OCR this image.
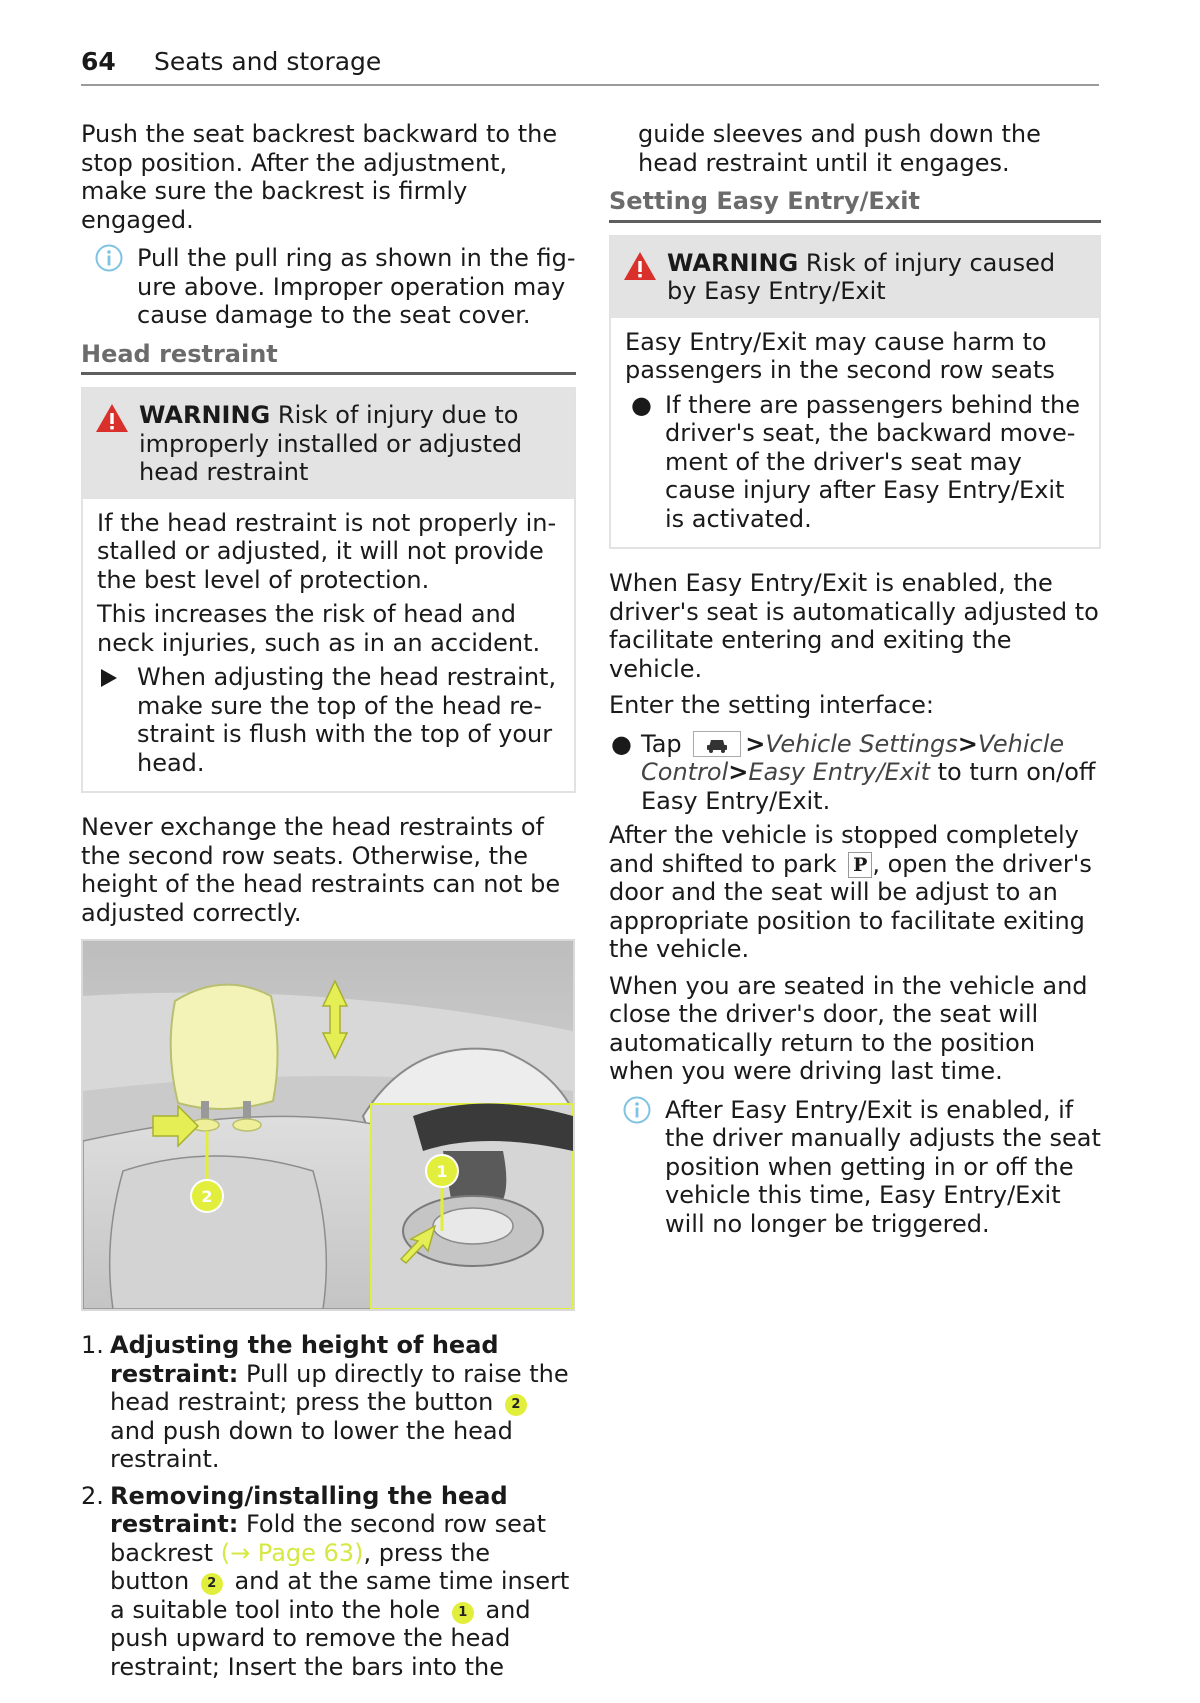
64 Seats and storage

Push the seat backrest backward to the stop position. After the adjustment, make sure the backrest is firmly engaged.

Pull the pull ring as shown in the figure above. Improper operation may cause damage to the seat cover.
Head restraint
WARNING Risk of injury due to improperly installed or adjusted head restraint

If the head restraint is not properly installed or adjusted, it will not provide the best level of protection.

This increases the risk of head and neck injuries, such as in an accident.

When adjusting the head restraint, make sure the top of the head restraint is flush with the top of your head.

Never exchange the head restraints of the second row seats. Otherwise, the height of the head restraints can not be adjusted correctly.

2
1
1. Adjusting the height of head restraint: Pull up directly to raise the head restraint; press the button 2 and push down to lower the head restraint.
2. Removing/installing the head restraint: Fold the second row seat backrest (→ Page 63), press the button 2 and at the same time insert a suitable tool into the hole 1 and push upward to remove the head restraint; Insert the bars into the

guide sleeves and push down the head restraint until it engages.

Setting Easy Entry/Exit
WARNING Risk of injury caused by Easy Entry/Exit

Easy Entry/Exit may cause harm to passengers in the second row seats

● If there are passengers behind the driver's seat, the backward movement of the driver's seat may cause injury after Easy Entry/Exit is activated.

When Easy Entry/Exit is enabled, the driver's seat is automatically adjusted to facilitate entering and exiting the vehicle.

Enter the setting interface:

● Tap	>Vehicle Settings>Vehicle Control>Easy Entry/Exit to turn on/off Easy Entry/Exit.

After the vehicle is stopped completely and shifted to park P , open the driver's door and the seat will be adjust to an appropriate position to facilitate exiting the vehicle.

When you are seated in the vehicle and close the driver's door, the seat will automatically return to the position when you were driving last time.

After Easy Entry/Exit is enabled, if the driver manually adjusts the seat position when getting in or off the vehicle this time, Easy Entry/Exit will no longer be triggered.
